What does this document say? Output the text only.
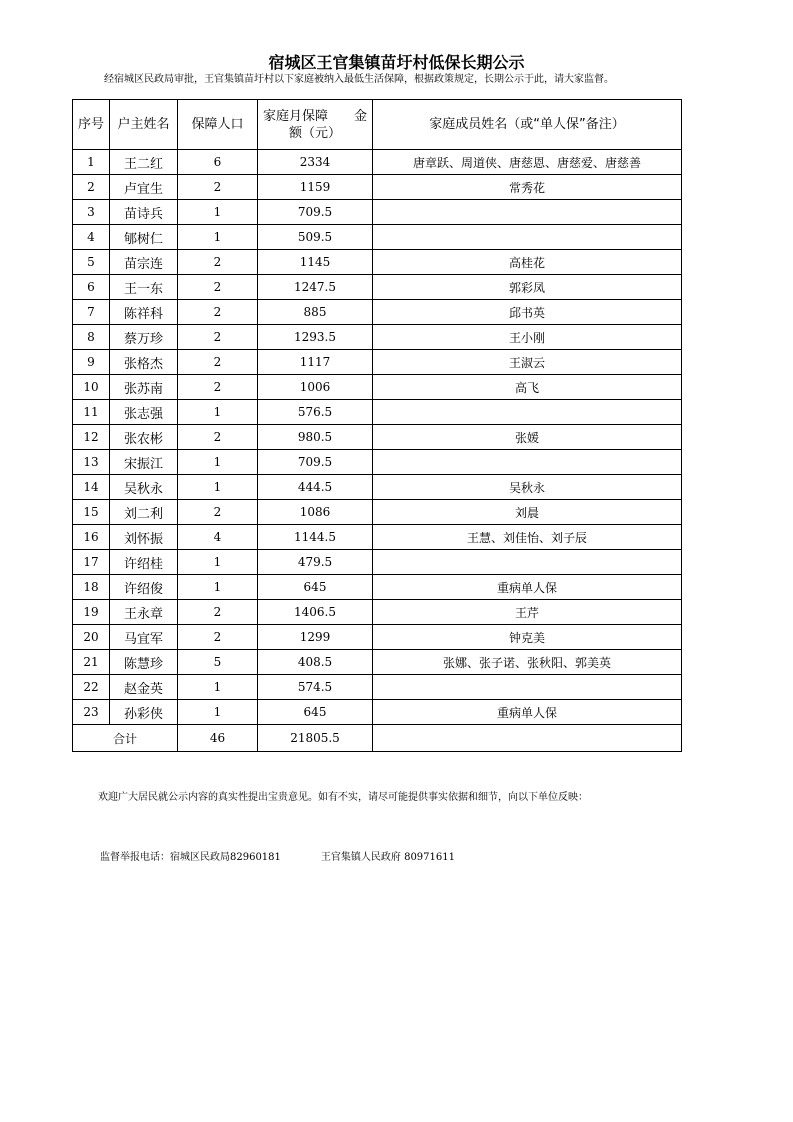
宿城区王官集镇苗圩村低保长期公示
经宿城区民政局审批，王官集镇苗圩村以下家庭被纳入最低生活保障，根据政策规定，长期公示于此，请大家监督。
序号	户主姓名	保障人口	家庭月保障　　金额（元）	家庭成员姓名（或“单人保”备注）
1	王二红	6	2334	唐章跃、周道侠、唐慈恩、唐慈爱、唐慈善
2	卢宜生	2	1159	常秀花
3	苗诗兵	1	709.5	
4	郇树仁	1	509.5	
5	苗宗连	2	1145	高桂花
6	王一东	2	1247.5	郭彩凤
7	陈祥科	2	885	邱书英
8	蔡万珍	2	1293.5	王小刚
9	张格杰	2	1117	王淑云
10	张苏南	2	1006	高飞
11	张志强	1	576.5	
12	张农彬	2	980.5	张媛
13	宋振江	1	709.5	
14	吴秋永	1	444.5	吴秋永
15	刘二利	2	1086	刘晨
16	刘怀振	4	1144.5	王慧、刘佳怡、刘子辰
17	许绍桂	1	479.5	
18	许绍俊	1	645	重病单人保
19	王永章	2	1406.5	王芹
20	马宜军	2	1299	钟克美
21	陈慧珍	5	408.5	张娜、张子诺、张秋阳、郭美英
22	赵金英	1	574.5	
23	孙彩侠	1	645	重病单人保
合计		46	21805.5	
欢迎广大居民就公示内容的真实性提出宝贵意见。如有不实，请尽可能提供事实依据和细节，向以下单位反映：
监督举报电话：宿城区民政局82960181　　　　王官集镇人民政府 80971611
